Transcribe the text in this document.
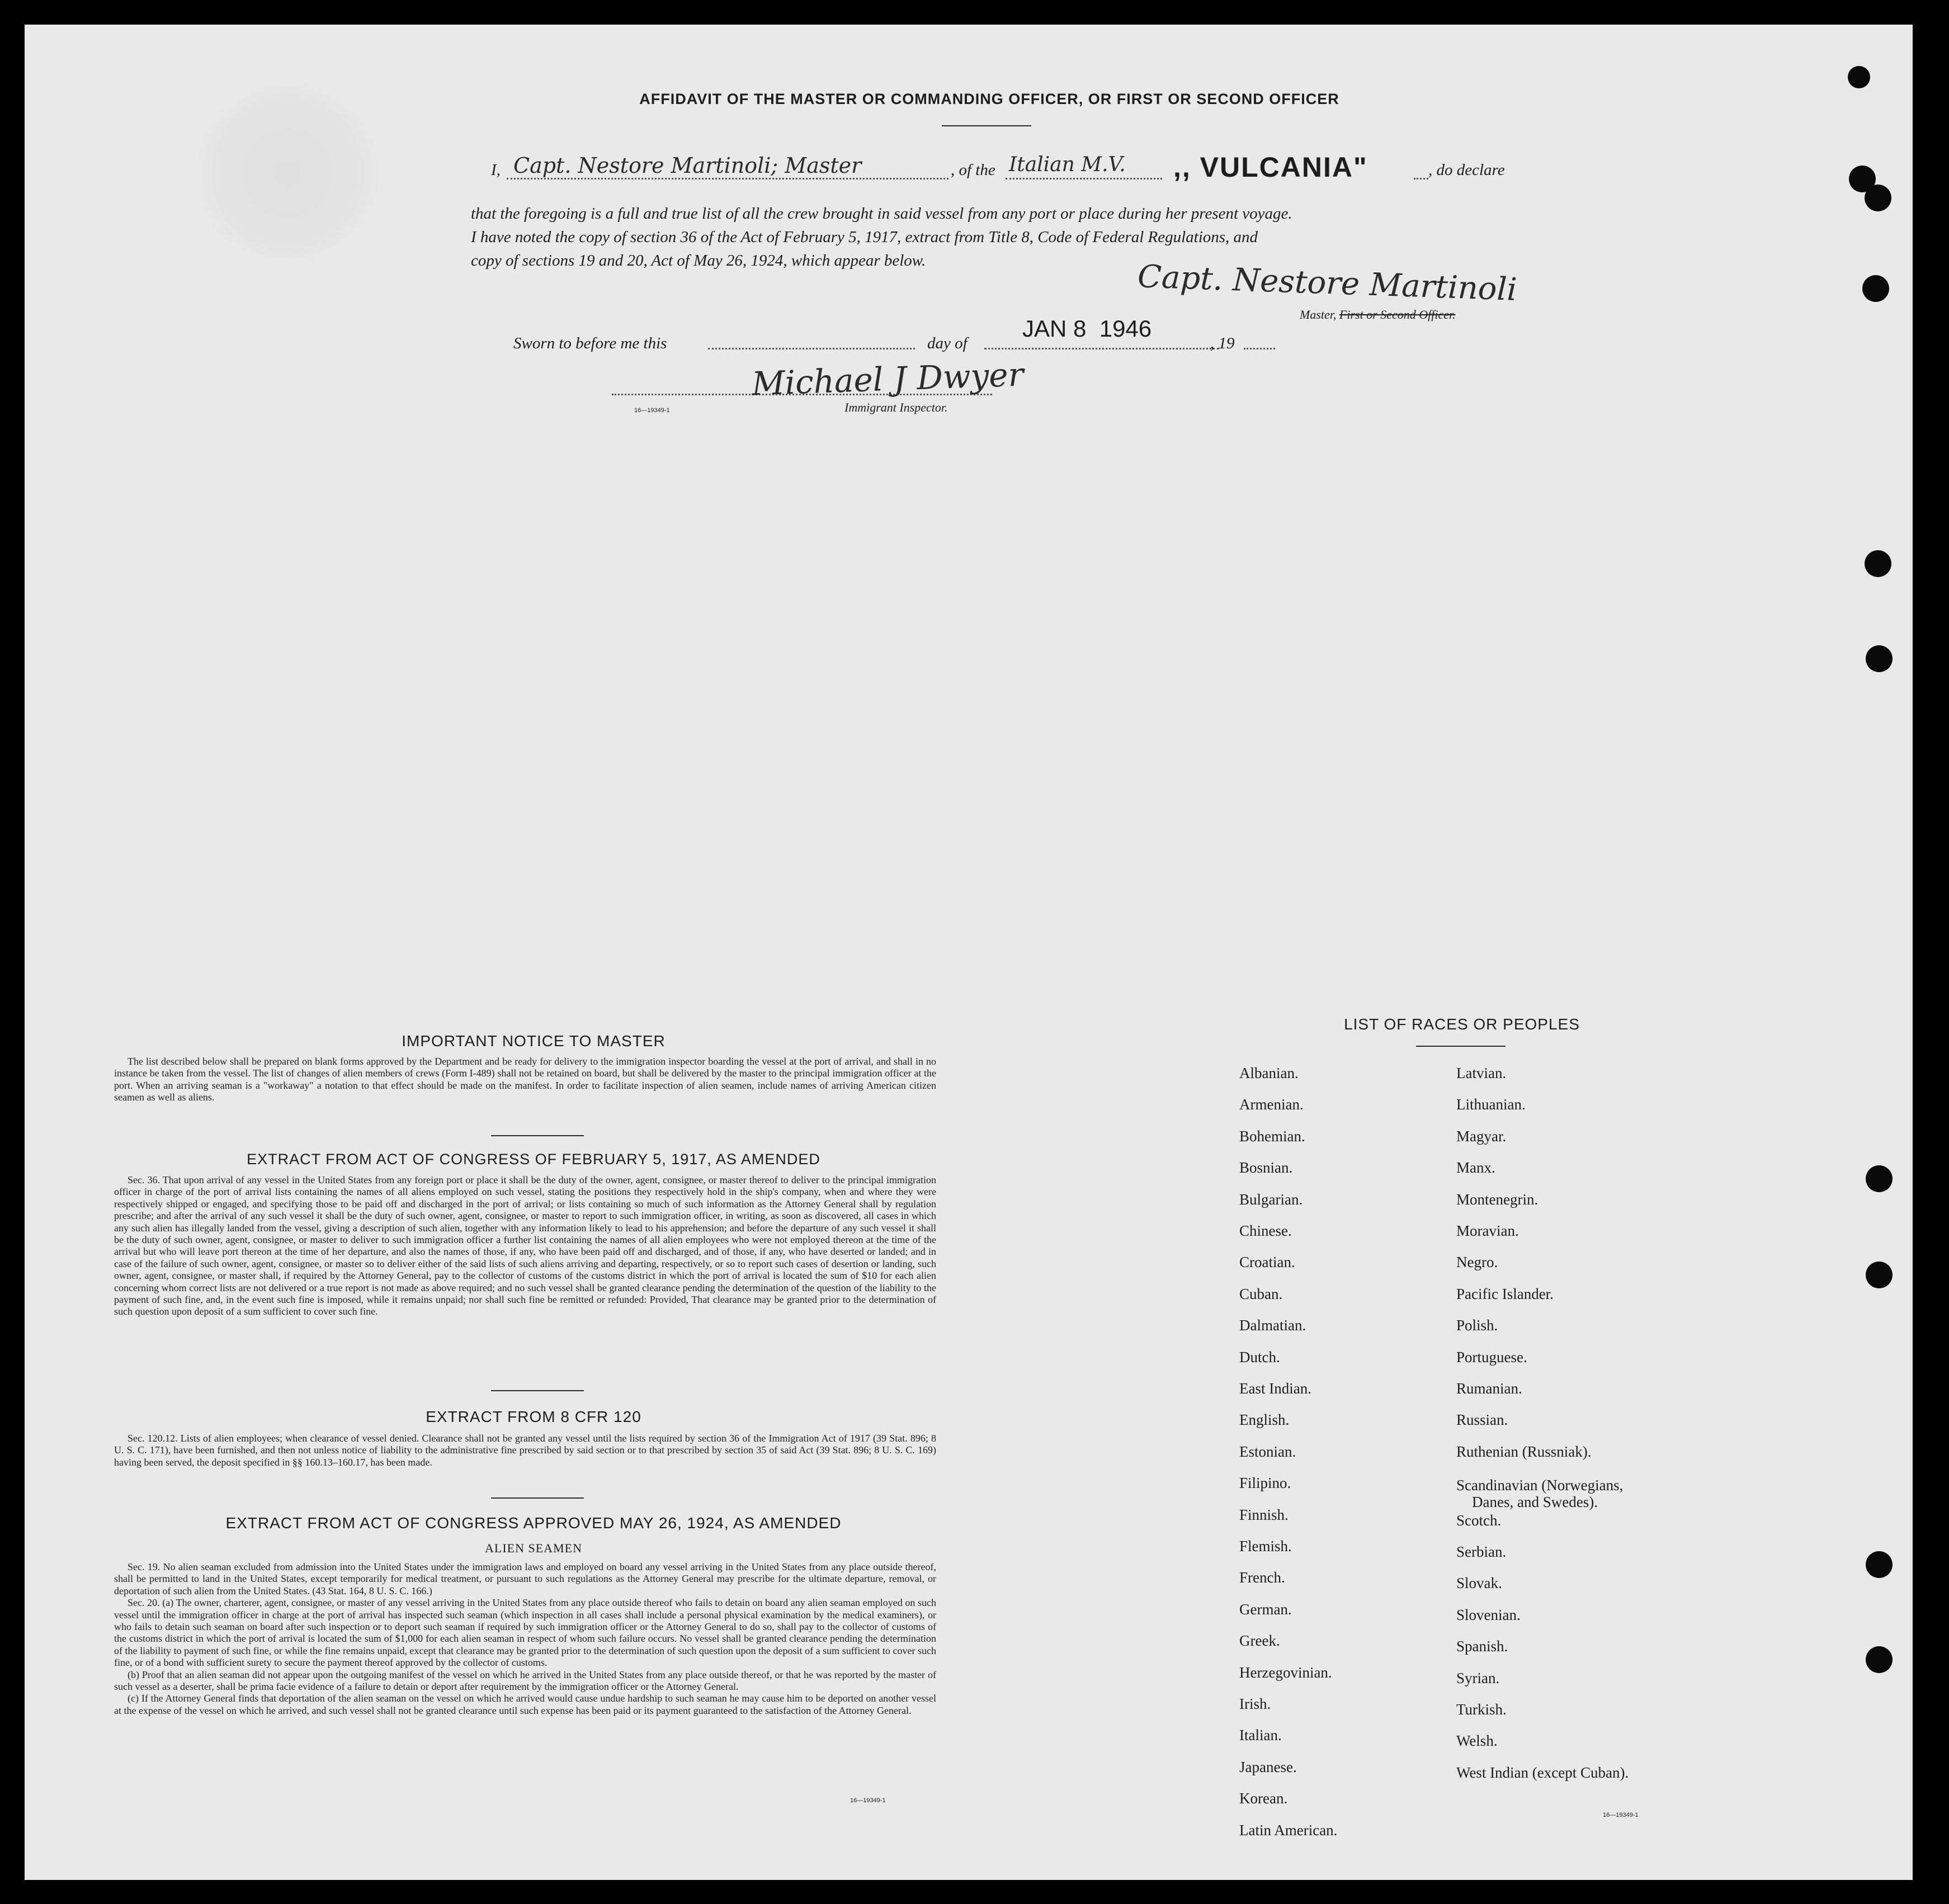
AFFIDAVIT OF THE MASTER OR COMMANDING OFFICER, OR FIRST OR SECOND OFFICER
I, Capt. Nestore Martinoli; Master	, of the Italian M.V. ,, VULCANIA"	, do declare
that the foregoing is a full and true list of all the crew brought in said vessel from any port or place during her present voyage.
I have noted the copy of section 36 of the Act of February 5, 1917, extract from Title 8, Code of Federal Regulations, and
copy of sections 19 and 20, Act of May 26, 1924, which appear below.	Capt. Nestore Martinoli
Master, First or Second Officer.
Sworn to before me this	day of
JAN 8  1946
, 19
Michael J Dwyer
Immigrant Inspector.
16—19349-1
IMPORTANT NOTICE TO MASTER

The list described below shall be prepared on blank forms approved by the Department and be ready for delivery to the immigration inspector boarding the vessel at the port of arrival, and shall in no instance be taken from the vessel. The list of changes of alien members of crews (Form I-489) shall not be retained on board, but shall be delivered by the master to the principal immigration officer at the port. When an arriving seaman is a "workaway" a notation to that effect should be made on the manifest. In order to facilitate inspection of alien seamen, include names of arriving American citizen seamen as well as aliens.

EXTRACT FROM ACT OF CONGRESS OF FEBRUARY 5, 1917, AS AMENDED

Sec. 36. That upon arrival of any vessel in the United States from any foreign port or place it shall be the duty of the owner, agent, consignee, or master thereof to deliver to the principal immigration officer in charge of the port of arrival lists containing the names of all aliens employed on such vessel, stating the positions they respectively hold in the ship's company, when and where they were respectively shipped or engaged, and specifying those to be paid off and discharged in the port of arrival; or lists containing so much of such information as the Attorney General shall by regulation prescribe; and after the arrival of any such vessel it shall be the duty of such owner, agent, consignee, or master to report to such immigration officer, in writing, as soon as discovered, all cases in which any such alien has illegally landed from the vessel, giving a description of such alien, together with any information likely to lead to his apprehension; and before the departure of any such vessel it shall be the duty of such owner, agent, consignee, or master to deliver to such immigration officer a further list containing the names of all alien employees who were not employed thereon at the time of the arrival but who will leave port thereon at the time of her departure, and also the names of those, if any, who have been paid off and discharged, and of those, if any, who have deserted or landed; and in case of the failure of such owner, agent, consignee, or master so to deliver either of the said lists of such aliens arriving and departing, respectively, or so to report such cases of desertion or landing, such owner, agent, consignee, or master shall, if required by the Attorney General, pay to the collector of customs of the customs district in which the port of arrival is located the sum of $10 for each alien concerning whom correct lists are not delivered or a true report is not made as above required; and no such vessel shall be granted clearance pending the determination of the question of the liability to the payment of such fine, and, in the event such fine is imposed, while it remains unpaid; nor shall such fine be remitted or refunded: Provided, That clearance may be granted prior to the determination of such question upon deposit of a sum sufficient to cover such fine.

EXTRACT FROM 8 CFR 120

Sec. 120.12. Lists of alien employees; when clearance of vessel denied. Clearance shall not be granted any vessel until the lists required by section 36 of the Immigration Act of 1917 (39 Stat. 896; 8 U. S. C. 171), have been furnished, and then not unless notice of liability to the administrative fine prescribed by said section or to that prescribed by section 35 of said Act (39 Stat. 896; 8 U. S. C. 169) having been served, the deposit specified in §§ 160.13–160.17, has been made.

EXTRACT FROM ACT OF CONGRESS APPROVED MAY 26, 1924, AS AMENDED
ALIEN SEAMEN

Sec. 19. No alien seaman excluded from admission into the United States under the immigration laws and employed on board any vessel arriving in the United States from any place outside thereof, shall be permitted to land in the United States, except temporarily for medical treatment, or pursuant to such regulations as the Attorney General may prescribe for the ultimate departure, removal, or deportation of such alien from the United States. (43 Stat. 164, 8 U. S. C. 166.)

Sec. 20. (a) The owner, charterer, agent, consignee, or master of any vessel arriving in the United States from any place outside thereof who fails to detain on board any alien seaman employed on such vessel until the immigration officer in charge at the port of arrival has inspected such seaman (which inspection in all cases shall include a personal physical examination by the medical examiners), or who fails to detain such seaman on board after such inspection or to deport such seaman if required by such immigration officer or the Attorney General to do so, shall pay to the collector of customs of the customs district in which the port of arrival is located the sum of $1,000 for each alien seaman in respect of whom such failure occurs. No vessel shall be granted clearance pending the determination of the liability to payment of such fine, or while the fine remains unpaid, except that clearance may be granted prior to the determination of such question upon the deposit of a sum sufficient to cover such fine, or of a bond with sufficient surety to secure the payment thereof approved by the collector of customs.

(b) Proof that an alien seaman did not appear upon the outgoing manifest of the vessel on which he arrived in the United States from any place outside thereof, or that he was reported by the master of such vessel as a deserter, shall be prima facie evidence of a failure to detain or deport after requirement by the immigration officer or the Attorney General.

(c) If the Attorney General finds that deportation of the alien seaman on the vessel on which he arrived would cause undue hardship to such seaman he may cause him to be deported on another vessel at the expense of the vessel on which he arrived, and such vessel shall not be granted clearance until such expense has been paid or its payment guaranteed to the satisfaction of the Attorney General.

16—19349-1
LIST OF RACES OR PEOPLES
Albanian.
Armenian.
Bohemian.
Bosnian.
Bulgarian.
Chinese.
Croatian.
Cuban.
Dalmatian.
Dutch.
East Indian.
English.
Estonian.
Filipino.
Finnish.
Flemish.
French.
German.
Greek.
Herzegovinian.
Irish.
Italian.
Japanese.
Korean.
Latin American.
Latvian.
Lithuanian.
Magyar.
Manx.
Montenegrin.
Moravian.
Negro.
Pacific Islander.
Polish.
Portuguese.
Rumanian.
Russian.
Ruthenian (Russniak).
Scandinavian (Norwegians,
Danes, and Swedes).
Scotch.
Serbian.
Slovak.
Slovenian.
Spanish.
Syrian.
Turkish.
Welsh.
West Indian (except Cuban).
16—19349-1
